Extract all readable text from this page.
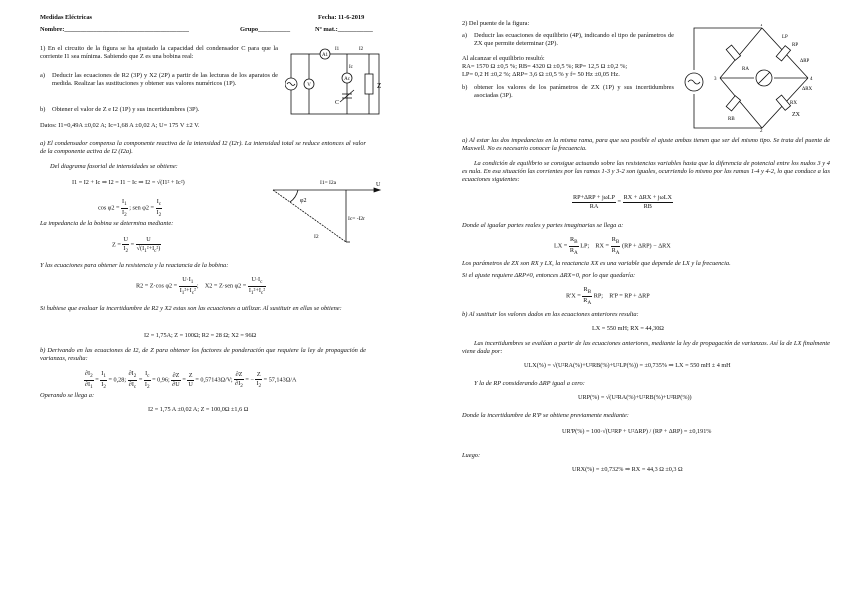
Medidas Eléctricas	Fecha: 11-6-2019
Nombre:_______________________________________	Grupo__________	Nº mat.:___________
1) En el circuito de la figura se ha ajustado la capacidad del condensador C para que la corriente I1 sea mínima. Sabiendo que Z es una bobina real:
a) Deducir las ecuaciones de R2 (3P) y X2 (2P) a partir de las lecturas de los aparatos de medida. Realizar las sustituciones y obtener sus valores numéricos (1P).
b) Obtener el valor de Z e I2 (1P) y sus incertidumbres (3P).
Datos: I1=0,49A ±0,02 A; Ic=1,68 A ±0,02 A; U= 175 V ±2 V.
A1
Ac
V
C
Z
I1	I2
Ic
a) El condensador compensa la componente reactiva de la intensidad I2 (I2r). La intensidad total se reduce entonces al valor de la componente activa de I2 (I2a).
Del diagrama fasorial de intensidades se obtiene:
I1 = I2 + Ic ⇒ I2 = I1 − Ic ⇒ I2 = √(I1² + Ic²)
$\cos \varphi 2 = \frac{I_1}{I_2}$ ; sen $\varphi 2 = \frac{I_c}{I_2}$
I1= I2a	U
φ2
Ic= -I2r
I2
La impedancia de la bobina se determina mediante:
$Z = \frac{U}{I_2} = \frac{U}{√(I_1^2+I_c^2)}$
Y las ecuaciones para obtener la resistencia y la reactancia de la bobina:
R2 = Z·cos $\varphi 2 = \frac{U\cdot I_1}{I_1^2+I_c^2}$ ;    X2 = Z·sen $\varphi 2 = \frac{U\cdot I_c}{I_1^2+I_c^2}$
Si hubiese que evaluar la incertidumbre de R2 y X2 estas son las ecuaciones a utilizar. Al sustituir en ellas se obtiene:
I2 = 1,75A; Z = 100Ω; R2 = 28 Ω; X2 = 96Ω
b) Derivando en las ecuaciones de I2, de Z para obtener los factores de ponderación que requiere la ley de propagación de varianzas, resulta:
$\frac{\partial I_2}{\partial I_1} = \frac{I_1}{I_2} = 0,28$; $\frac{\partial I_2}{\partial I_c} = \frac{I_c}{I_2} = 0,96$; $\frac{\partial Z}{\partial U} = \frac{Z}{U} = 0,57143\Omega/V$; $\frac{\partial Z}{\partial I_2}$ = − $\frac{Z}{I_2} = 57,143\Omega/A$
Operando se llega a:
I2 = 1,75 A ±0,02 A; Z = 100,0Ω ±1,6 Ω
2) Del puente de la figura:
a) Deducir las ecuaciones de equilibrio (4P), indicando el tipo de parámetros de ZX que permite determinar (2P).
Al alcanzar el equilibrio resultó:
RA= 1570 Ω ±0,5 %; RB= 4320 Ω ±0,5 %; RP= 12,5 Ω ±0,2 %;
LP= 0,2 H ±0,2 %; ΔRP= 3,6 Ω ±0,5 % y f= 50 Hz ±0,05 Hz.
b) obtener los valores de los parámetros de ZX (1P) y sus incertidumbres asociadas (3P).
1
2
3	4
RA
RB
RP
LP
ΔRP
ΔRX
RX
ZX
a) Al estar las dos impedancias en la misma rama, para que sea posible el ajuste ambas tienen que ser del mismo tipo. Se trata del puente de Maxwell. No es necesario conocer la frecuencia.
La condición de equilibrio se consigue actuando sobre las resistencias variables hasta que la diferencia de potencial entre los nudos 3 y 4 es nula. En esa situación las corrientes por las ramas 1-3 y 3-2 son iguales, ocurriendo lo mismo por las ramas 1-4 y 4-2, lo que conduce a las ecuaciones siguientes:
$\frac{\text{RP+ΔRP + jωLP}}{RA} = \frac{\text{RX + ΔRX + jωLX}}{RB}$
Donde al igualar partes reales y partes imaginarias se llega a:
LX = $\frac{R_B}{R_A}$ LP; RX = $\frac{R_B}{R_A} (RP + \Delta RP) - \Delta RX$
Los parámetros de ZX son RX y LX, la reactancia XX es una variable que depende de LX y la frecuencia.
Si el ajuste requiere ΔRP≠0, entonces ΔRX=0, por lo que quedaría:
$R'X = \frac{R_B}{R_A}$ RP; R'P = RP + ΔRP
b) Al sustituir los valores dados en las ecuaciones anteriores resulta:
LX = 550 mH; RX = 44,30Ω
Las incertidumbres se evalúan a partir de las ecuaciones anteriores, mediante la ley de propagación de varianzas. Así la de LX finalmente viene dada por:
ULX(%) = √(U²RA(%)+U²RB(%)+U²LP(%)) = ±0,735% ⇒ LX = 550 mH ± 4 mH
Y la de RP considerando ΔRP igual a cero:
URP(%) = √(U²RA(%)+U²RB(%)+U²RP(%))
Donde la incertidumbre de R'P se obtiene previamente mediante:
UR'P(%) = 100·√(U²RP + U²ΔRP) / (RP + ΔRP) = ±0,191%
Luego:
URX(%) = ±0,732% ⇒ RX = 44,3 Ω ±0,3 Ω
